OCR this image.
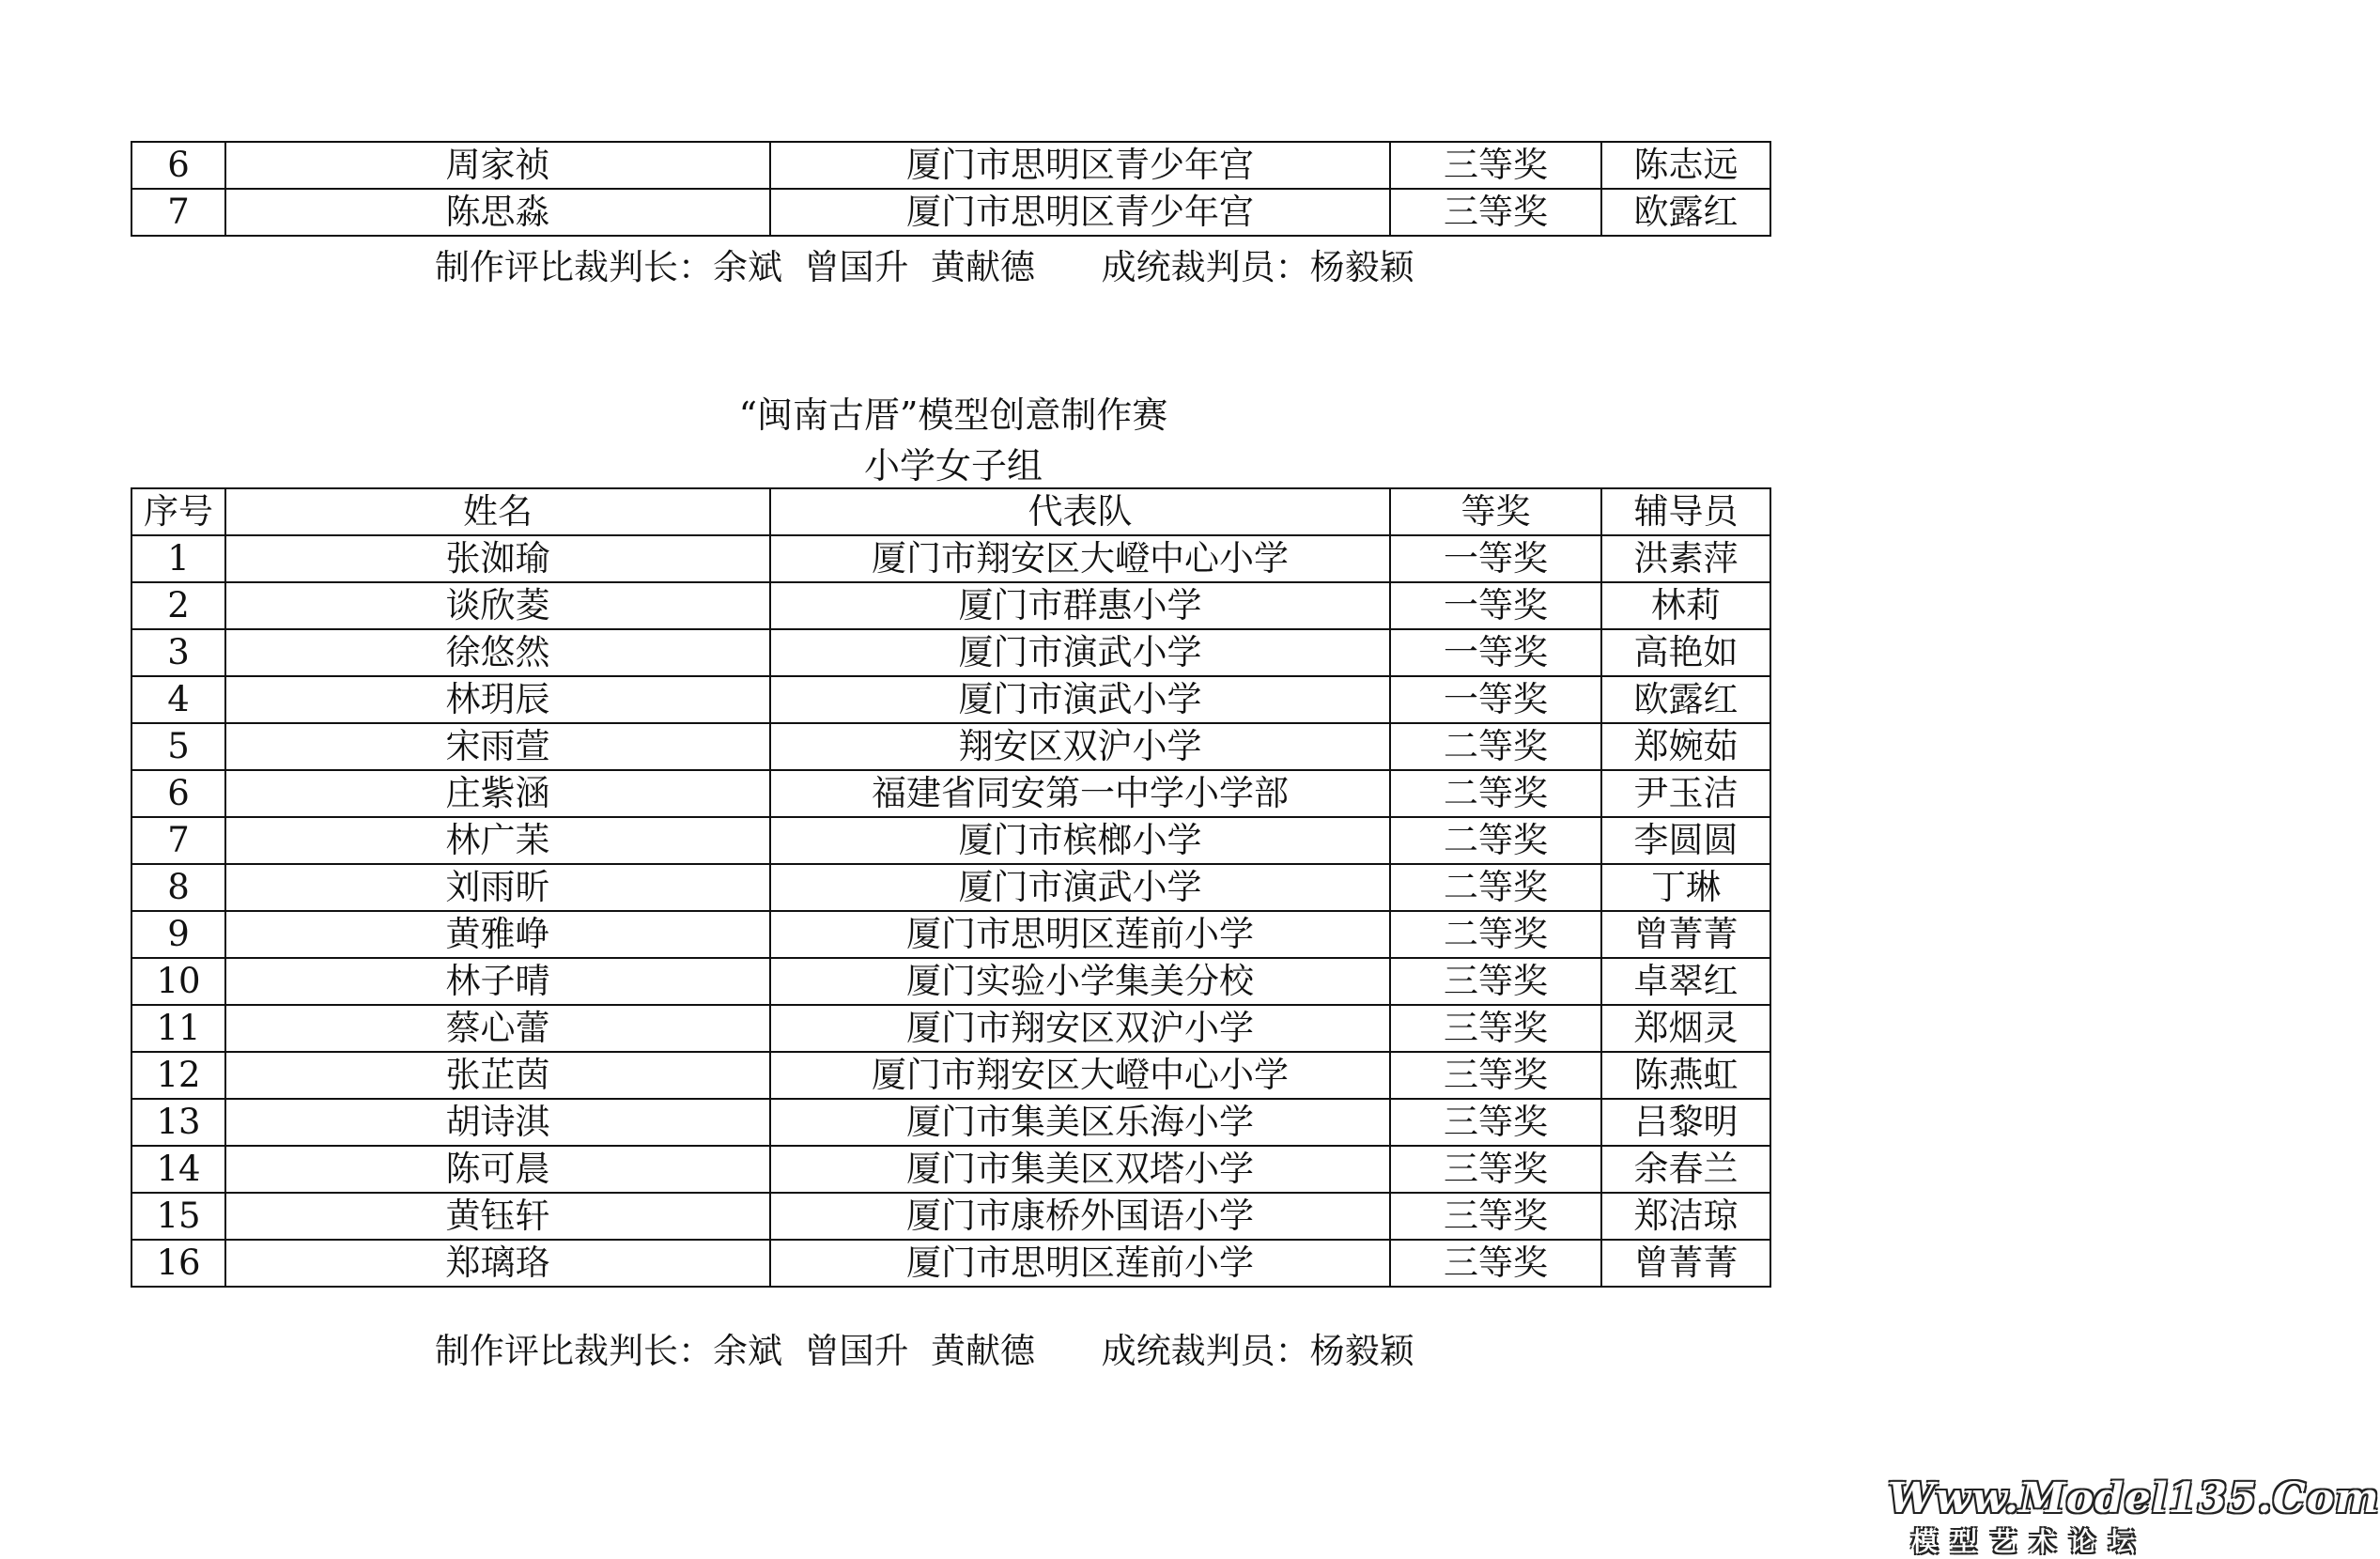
6	周家祯	厦门市思明区青少年宫	三等奖	陈志远
7	陈思淼	厦门市思明区青少年宫	三等奖	欧露红
制作评比裁判长：余斌  曾国升  黄献德      成统裁判员：杨毅颖
“闽南古厝”模型创意制作赛
小学女子组
序号	姓名	代表队	等奖	辅导员
1	张洳瑜	厦门市翔安区大嶝中心小学	一等奖	洪素萍
2	谈欣菱	厦门市群惠小学	一等奖	林莉
3	徐悠然	厦门市演武小学	一等奖	高艳如
4	林玥辰	厦门市演武小学	一等奖	欧露红
5	宋雨萱	翔安区双沪小学	二等奖	郑婉茹
6	庄紫涵	福建省同安第一中学小学部	二等奖	尹玉洁
7	林广苿	厦门市槟榔小学	二等奖	李圆圆
8	刘雨昕	厦门市演武小学	二等奖	丁琳
9	黄雅峥	厦门市思明区莲前小学	二等奖	曾菁菁
10	林子晴	厦门实验小学集美分校	三等奖	卓翠红
11	蔡心蕾	厦门市翔安区双沪小学	三等奖	郑烟灵
12	张芷茵	厦门市翔安区大嶝中心小学	三等奖	陈燕虹
13	胡诗淇	厦门市集美区乐海小学	三等奖	吕黎明
14	陈可晨	厦门市集美区双塔小学	三等奖	余春兰
15	黄钰轩	厦门市康桥外国语小学	三等奖	郑洁琼
16	郑璃珞	厦门市思明区莲前小学	三等奖	曾菁菁
制作评比裁判长：余斌  曾国升  黄献德      成统裁判员：杨毅颖
Www.Model135.Com
模型艺术论坛
